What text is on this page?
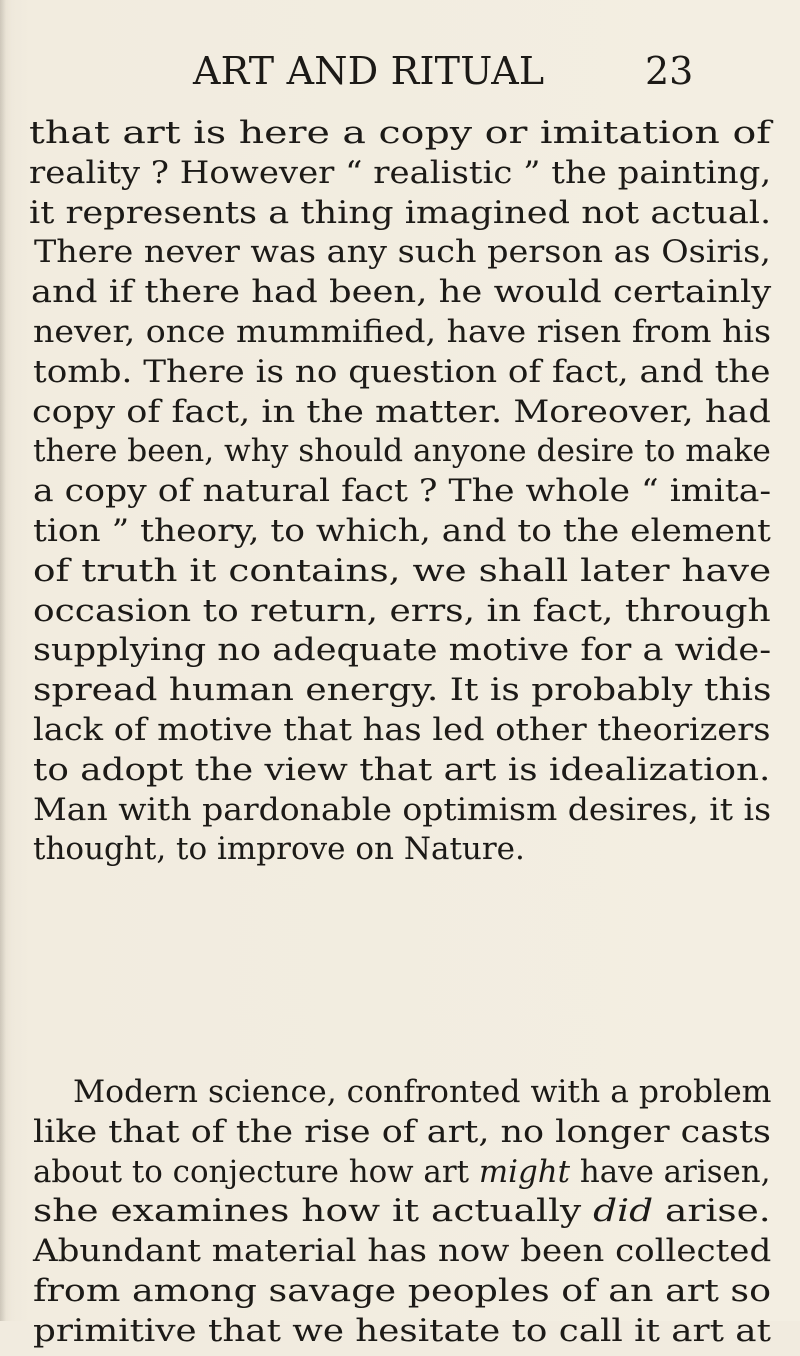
ART AND RITUAL	23
that art is here a copy or imitation of
reality ? However “ realistic ” the painting,
it represents a thing imagined not actual.
There never was any such person as Osiris,
and if there had been, he would certainly
never, once mummified, have risen from his
tomb. There is no question of fact, and the
copy of fact, in the matter. Moreover, had
there been, why should anyone desire to make
a copy of natural fact ? The whole “ imita-
tion ” theory, to which, and to the element
of truth it contains, we shall later have
occasion to return, errs, in fact, through
supplying no adequate motive for a wide-
spread human energy. It is probably this
lack of motive that has led other theorizers
to adopt the view that art is idealization.
Man with pardonable optimism desires, it is
thought, to improve on Nature.
Modern science, confronted with a problem
like that of the rise of art, no longer casts
about to conjecture how art might have arisen,
she examines how it actually did arise.
Abundant material has now been collected
from among savage peoples of an art so
primitive that we hesitate to call it art at
